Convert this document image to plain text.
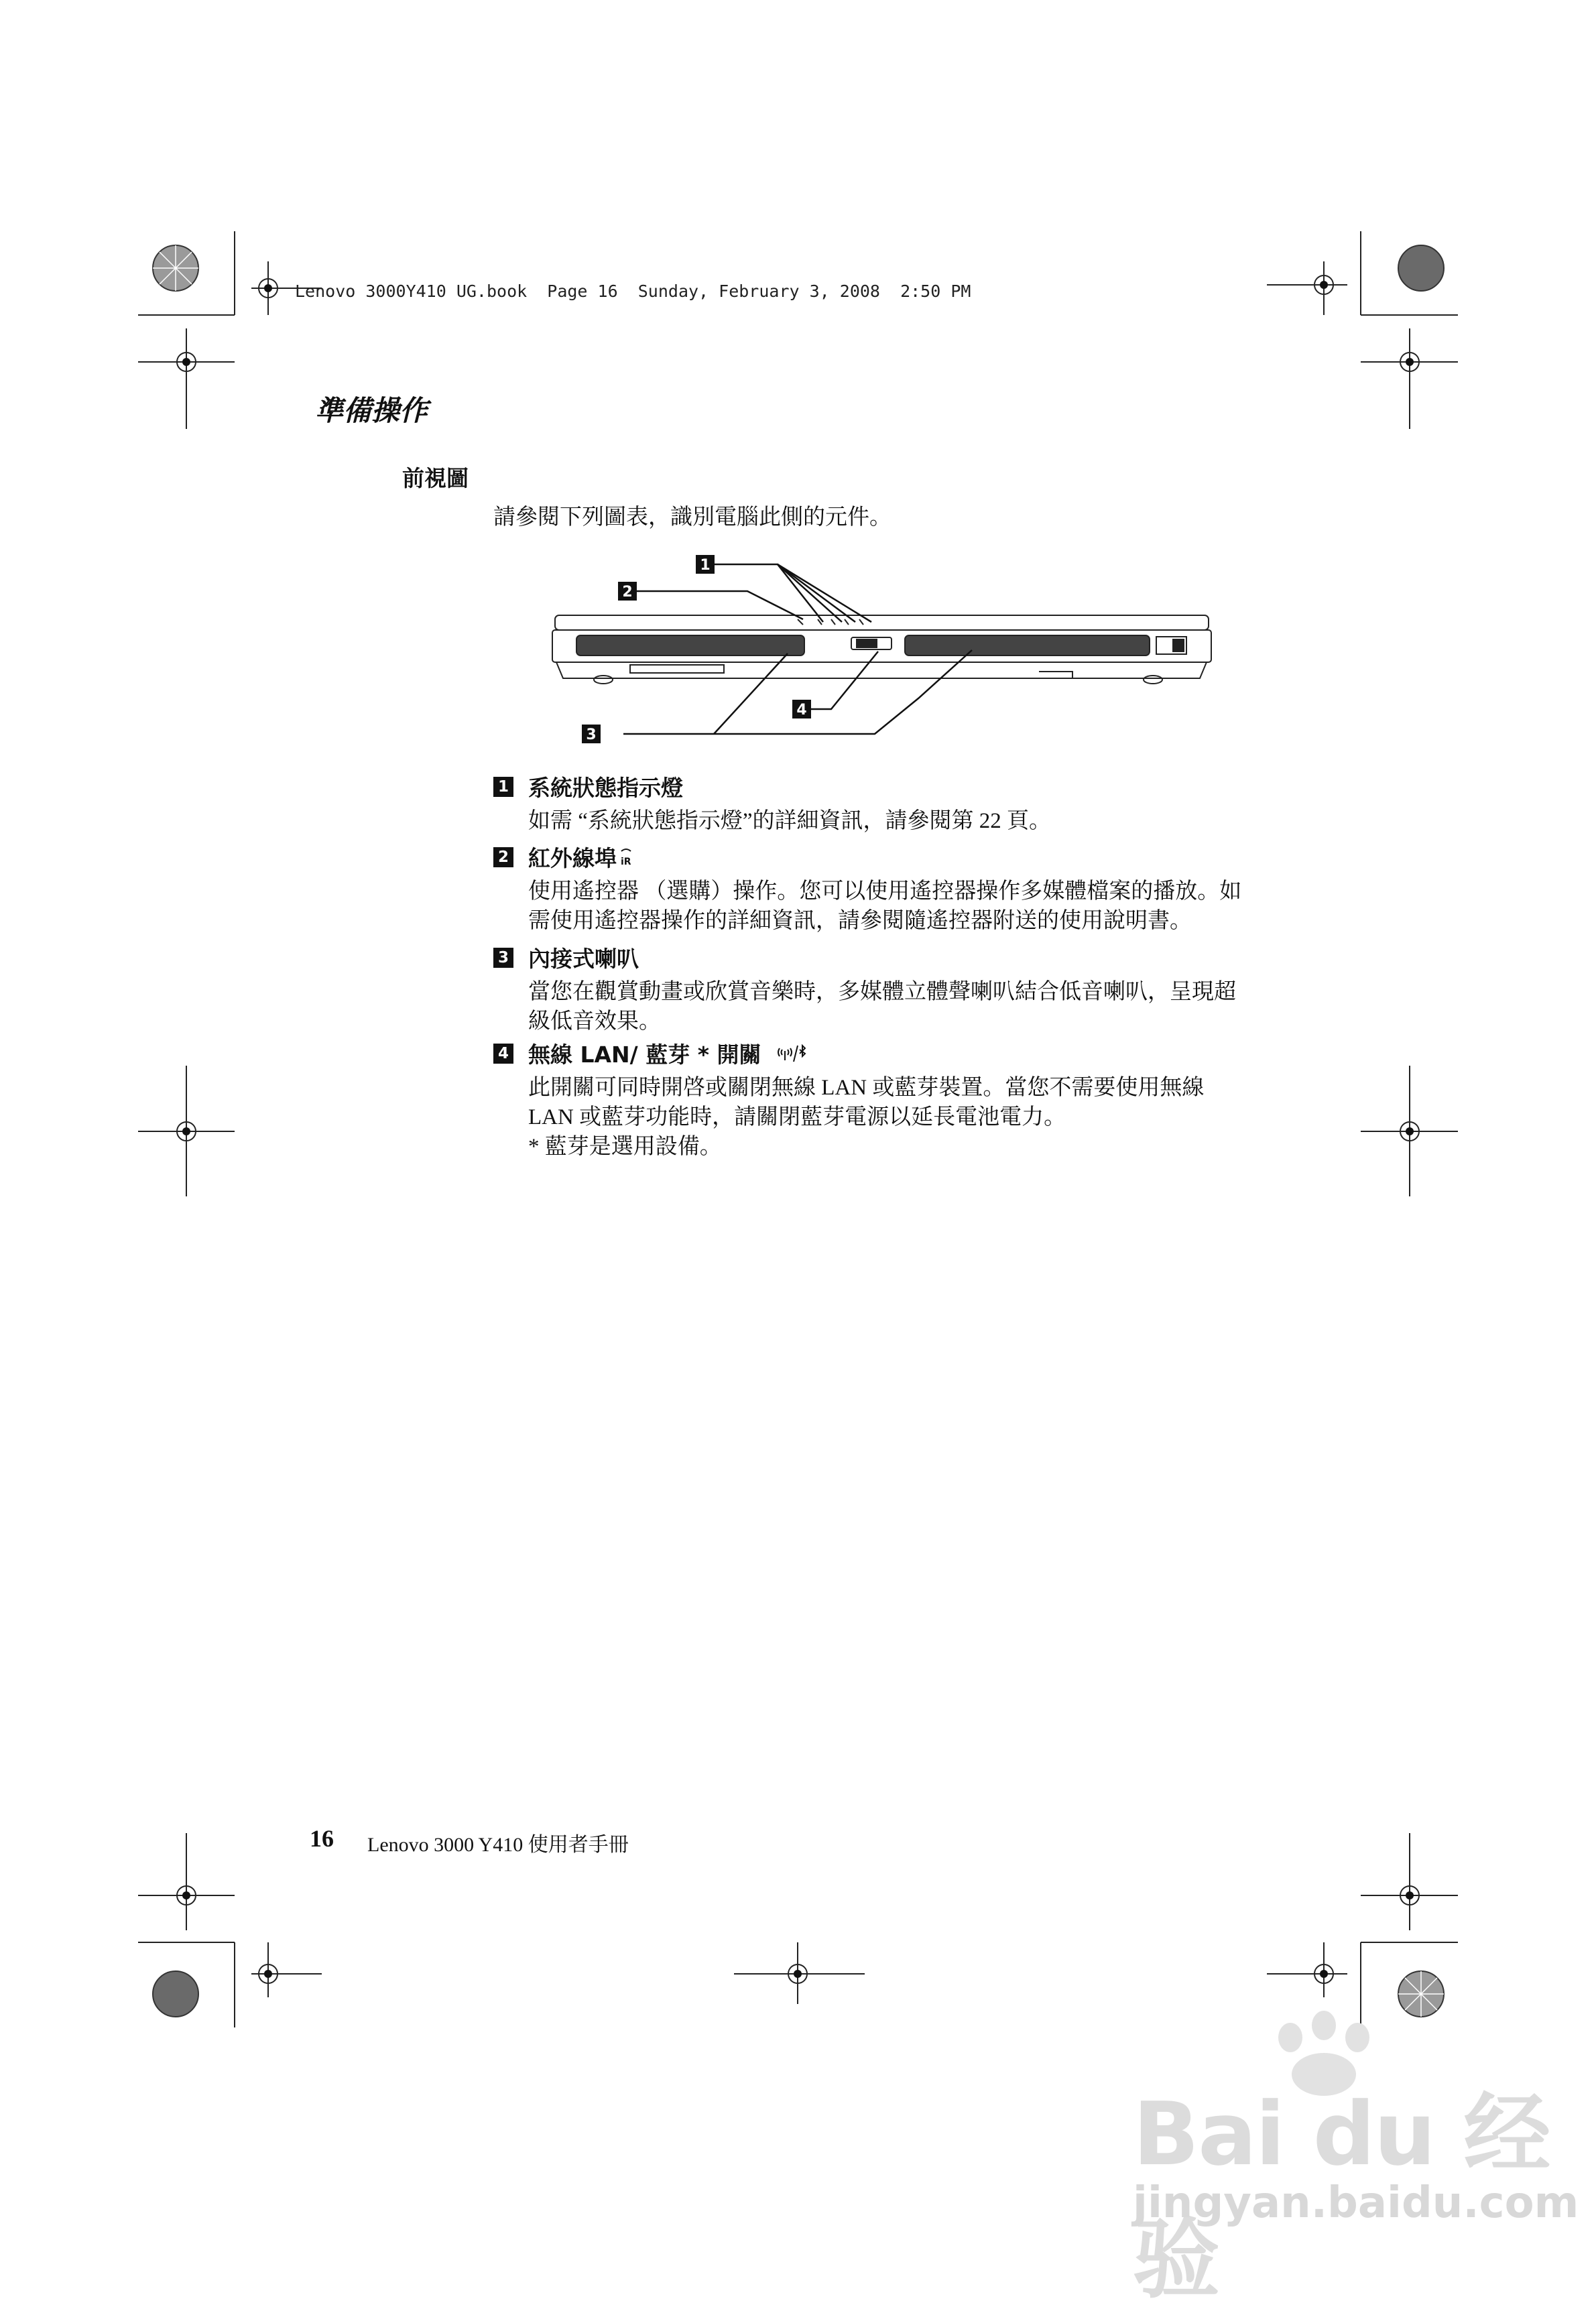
Lenovo 3000Y410 UG.book  Page 16  Sunday, February 3, 2008  2:50 PM
準備操作
前視圖
請參閱下列圖表，識別電腦此側的元件。
1
2
3
4
1 系統狀態指示燈
如需 “系統狀態指示燈”的詳細資訊，請參閱第 22 頁。
2 紅外線埠 iR
使用遙控器 （選購）操作。您可以使用遙控器操作多媒體檔案的播放。如
需使用遙控器操作的詳細資訊，請參閱隨遙控器附送的使用說明書。
3 內接式喇叭
當您在觀賞動畫或欣賞音樂時，多媒體立體聲喇叭結合低音喇叭，呈現超
級低音效果。
4 無線 LAN/ 藍芽 * 開關
此開關可同時開啓或關閉無線 LAN 或藍芽裝置。當您不需要使用無線
LAN 或藍芽功能時，請關閉藍芽電源以延長電池電力。
* 藍芽是選用設備。
16 Lenovo 3000 Y410 使用者手冊
Bai du 经验
jingyan.baidu.com
